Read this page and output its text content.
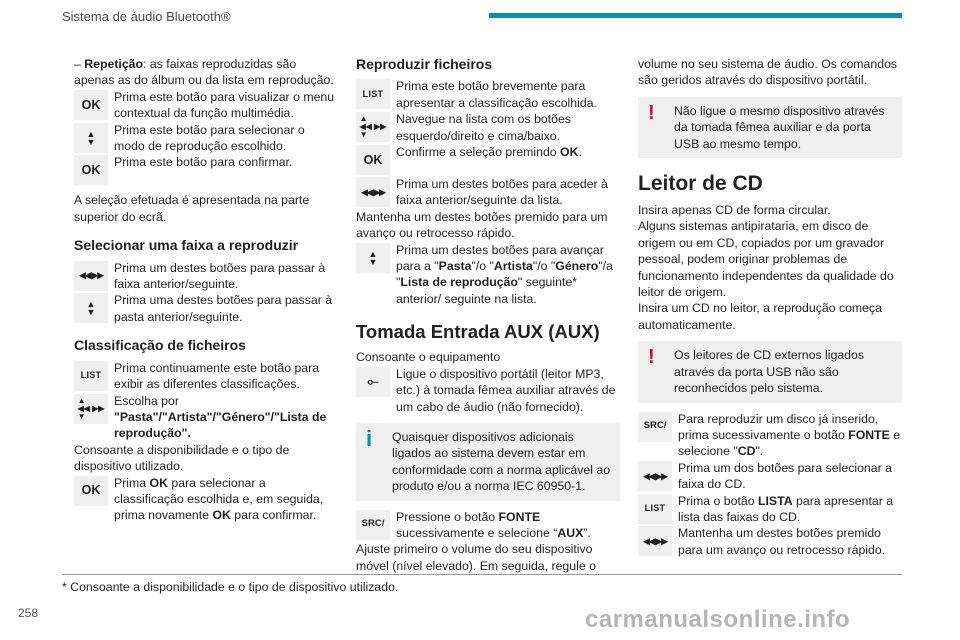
Sistema de áudio Bluetooth®

– Repetição: as faixas reproduzidas são apenas as do álbum ou da lista em reprodução.

OK
Prima este botão para visualizar o menu contextual da função multimédia.
▲
▼
Prima este botão para selecionar o modo de reprodução escolhido.
OK
Prima este botão para confirmar.

A seleção efetuada é apresentada na parte superior do ecrã.

Selecionar uma faixa a reproduzir
◀◀ ▶▶
Prima um destes botões para passar à faixa anterior/seguinte.
▲
▼
Prima uma destes botões para passar à pasta anterior/seguinte.
Classificação de ficheiros
LIST
Prima continuamente este botão para exibir as diferentes classificações.
▲
◀◀ ▶▶
▼
Escolha por

"Pasta"/"Artista"/"Género"/"Lista de reprodução".

Consoante a disponibilidade e o tipo de dispositivo utilizado.

OK
Prima OK para selecionar a classificação escolhida e, em seguida, prima novamente OK para confirmar.
Reproduzir ficheiros
LIST
Prima este botão brevemente para apresentar a classificação escolhida.
▲
◀◀ ▶▶
▼
Navegue na lista com os botões esquerdo/direito e cima/baixo.
OK
Confirme a seleção premindo OK.
◀◀ ▶▶
Prima um destes botões para aceder à faixa anterior/seguinte da lista.

Mantenha um destes botões premido para um avanço ou retrocesso rápido.

▲
▼
Prima um destes botões para avançar para a "Pasta"/o "Artista"/o "Género"/a "Lista de reprodução" seguinte* anterior/ seguinte na lista.
Tomada Entrada AUX (AUX)

Consoante o equipamento

⟜	Ligue o dispositivo portátil (leitor MP3, etc.) à tomada fêmea auxiliar através de um cabo de áudio (não fornecido).
i	Quaisquer dispositivos adicionais ligados ao sistema devem estar em conformidade com a norma aplicável ao produto e/ou a norma IEC 60950-1.
SRC/
Pressione o botão FONTE sucessivamente e selecione “AUX”.

Ajuste primeiro o volume do seu dispositivo móvel (nível elevado). Em seguida, regule o

volume no seu sistema de áudio. Os comandos são geridos através do dispositivo portátil.

!	Não ligue o mesmo dispositivo através da tomada fêmea auxiliar e da porta USB ao mesmo tempo.
Leitor de CD

Insira apenas CD de forma circular.

Alguns sistemas antipirataria, em disco de origem ou em CD, copiados por um gravador pessoal, podem originar problemas de funcionamento independentes da qualidade do leitor de origem.

Insira um CD no leitor, a reprodução começa automaticamente.

!	Os leitores de CD externos ligados através da porta USB não são reconhecidos pelo sistema.
SRC/
Para reproduzir um disco já inserido, prima sucessivamente o botão FONTE e selecione "CD".
◀◀ ▶▶
Prima um dos botões para selecionar a faixa do CD.
LIST
Prima o botão LISTA para apresentar a lista das faixas do CD.
◀◀ ▶▶
Mantenha um destes botões premido para um avanço ou retrocesso rápido.
* Consoante a disponibilidade e o tipo de dispositivo utilizado.
258	carmanualsonline.info
